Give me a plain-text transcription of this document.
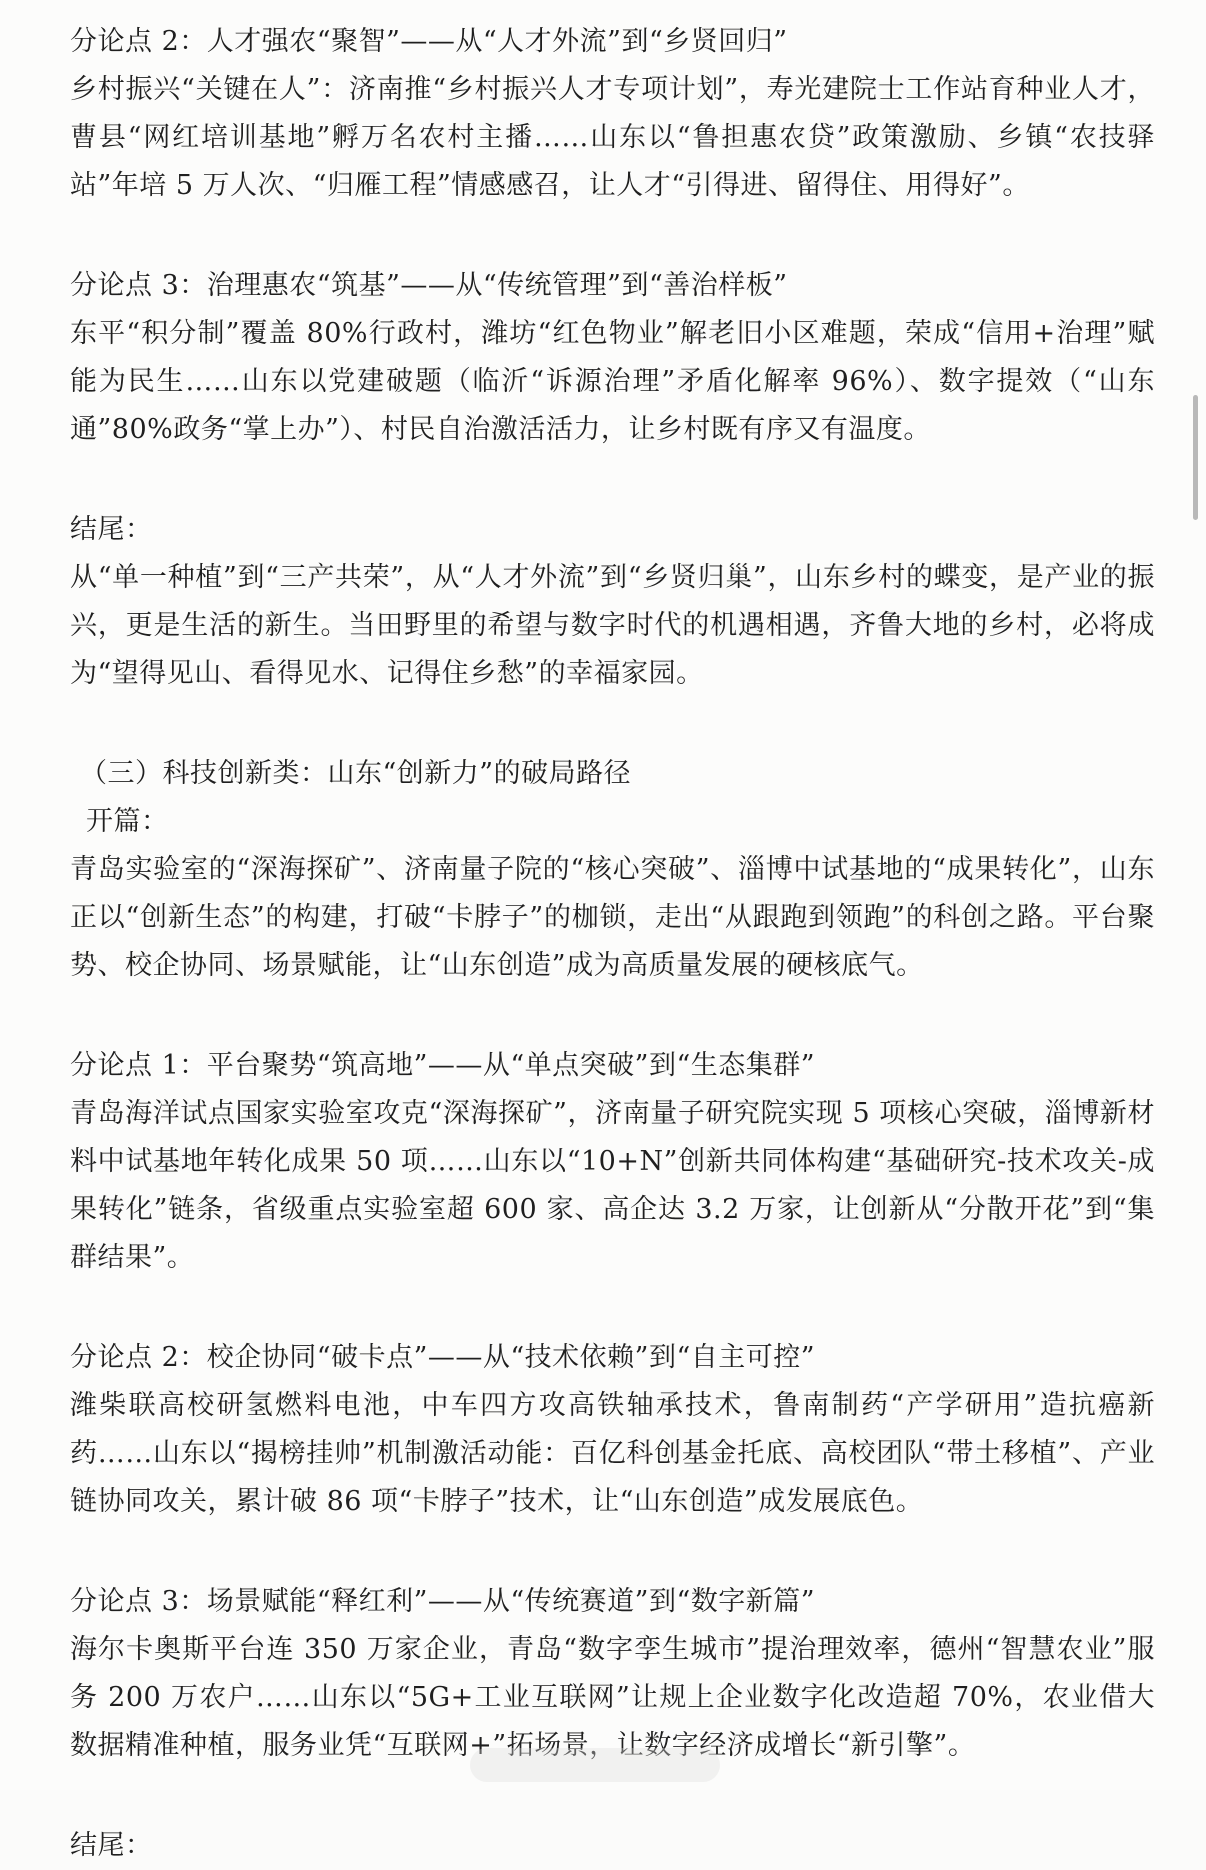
分论点 2：人才强农“聚智”——从“人才外流”到“乡贤回归”

乡村振兴“关键在人”：济南推“乡村振兴人才专项计划”，寿光建院士工作站育种业人才，曹县“网红培训基地”孵万名农村主播……山东以“鲁担惠农贷”政策激励、乡镇“农技驿站”年培 5 万人次、“归雁工程”情感感召，让人才“引得进、留得住、用得好”。

分论点 3：治理惠农“筑基”——从“传统管理”到“善治样板”

东平“积分制”覆盖 80%行政村，潍坊“红色物业”解老旧小区难题，荣成“信用+治理”赋能为民生……山东以党建破题（临沂“诉源治理”矛盾化解率 96%）、数字提效（“山东通”80%政务“掌上办”）、村民自治激活活力，让乡村既有序又有温度。

结尾：

从“单一种植”到“三产共荣”，从“人才外流”到“乡贤归巢”，山东乡村的蝶变，是产业的振兴，更是生活的新生。当田野里的希望与数字时代的机遇相遇，齐鲁大地的乡村，必将成为“望得见山、看得见水、记得住乡愁”的幸福家园。

（三）科技创新类：山东“创新力”的破局路径

开篇：

青岛实验室的“深海探矿”、济南量子院的“核心突破”、淄博中试基地的“成果转化”，山东正以“创新生态”的构建，打破“卡脖子”的枷锁，走出“从跟跑到领跑”的科创之路。平台聚势、校企协同、场景赋能，让“山东创造”成为高质量发展的硬核底气。

分论点 1：平台聚势“筑高地”——从“单点突破”到“生态集群”

青岛海洋试点国家实验室攻克“深海探矿”，济南量子研究院实现 5 项核心突破，淄博新材料中试基地年转化成果 50 项……山东以“10+N”创新共同体构建“基础研究-技术攻关-成果转化”链条，省级重点实验室超 600 家、高企达 3.2 万家，让创新从“分散开花”到“集群结果”。

分论点 2：校企协同“破卡点”——从“技术依赖”到“自主可控”

潍柴联高校研氢燃料电池，中车四方攻高铁轴承技术，鲁南制药“产学研用”造抗癌新药……山东以“揭榜挂帅”机制激活动能：百亿科创基金托底、高校团队“带土移植”、产业链协同攻关，累计破 86 项“卡脖子”技术，让“山东创造”成发展底色。

分论点 3：场景赋能“释红利”——从“传统赛道”到“数字新篇”

海尔卡奥斯平台连 350 万家企业，青岛“数字孪生城市”提治理效率，德州“智慧农业”服务 200 万农户……山东以“5G+工业互联网”让规上企业数字化改造超 70%，农业借大数据精准种植，服务业凭“互联网+”拓场景，让数字经济成增长“新引擎”。

结尾：
